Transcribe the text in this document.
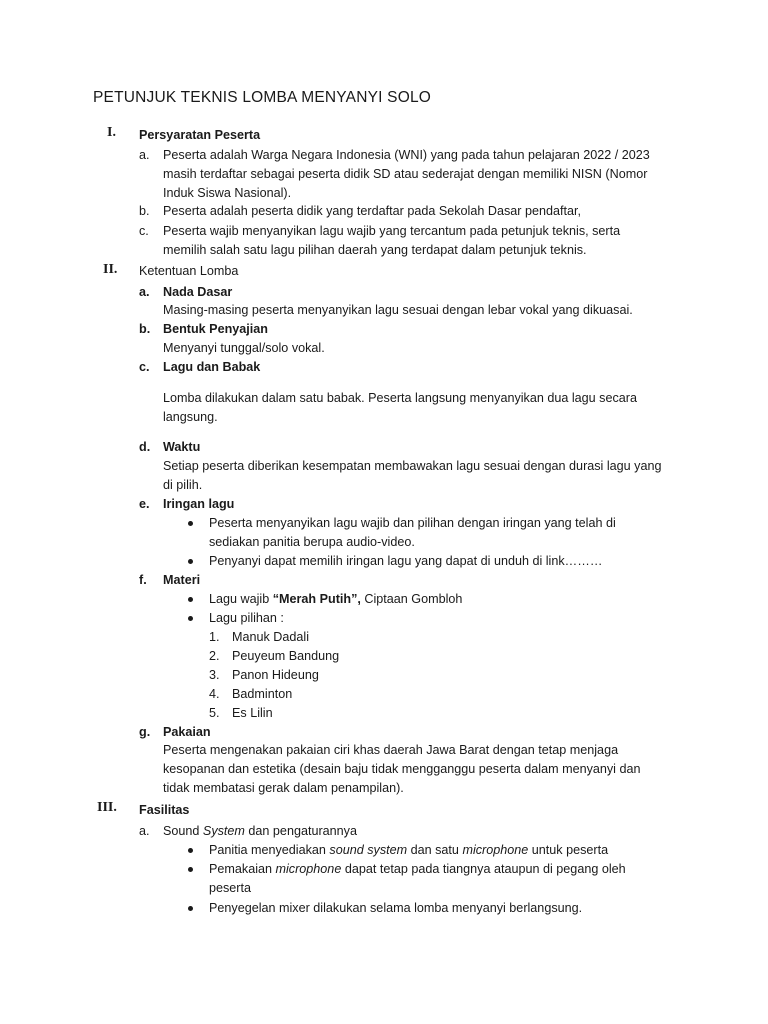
PETUNJUK TEKNIS LOMBA MENYANYI SOLO
I. Persyaratan Peserta
a. Peserta adalah Warga Negara Indonesia (WNI) yang pada tahun pelajaran 2022 / 2023
masih terdaftar sebagai peserta didik SD atau sederajat dengan memiliki NISN (Nomor
Induk Siswa Nasional).
b. Peserta adalah peserta didik yang terdaftar pada Sekolah Dasar pendaftar,
c. Peserta wajib menyanyikan lagu wajib yang tercantum pada petunjuk teknis, serta
memilih salah satu lagu pilihan daerah yang terdapat dalam petunjuk teknis.
II. Ketentuan Lomba
a. Nada Dasar
Masing-masing peserta menyanyikan lagu sesuai dengan lebar vokal yang dikuasai.
b. Bentuk Penyajian
Menyanyi tunggal/solo vokal.
c. Lagu dan Babak
Lomba dilakukan dalam satu babak. Peserta langsung menyanyikan dua lagu secara
langsung.
d. Waktu
Setiap peserta diberikan kesempatan membawakan lagu sesuai dengan durasi lagu yang
di pilih.
e. Iringan lagu
Peserta menyanyikan lagu wajib dan pilihan dengan iringan yang telah di
sediakan panitia berupa audio-video.
Penyanyi dapat memilih iringan lagu yang dapat di unduh di link………
f. Materi
Lagu wajib “Merah Putih”, Ciptaan Gombloh
Lagu pilihan :
1. Manuk Dadali
2. Peuyeum Bandung
3. Panon Hideung
4. Badminton
5. Es Lilin
g. Pakaian
Peserta mengenakan pakaian ciri khas daerah Jawa Barat dengan tetap menjaga
kesopanan dan estetika (desain baju tidak mengganggu peserta dalam menyanyi dan
tidak membatasi gerak dalam penampilan).
III. Fasilitas
a. Sound System dan pengaturannya
Panitia menyediakan sound system dan satu microphone untuk peserta
Pemakaian microphone dapat tetap pada tiangnya ataupun di pegang oleh
peserta
Penyegelan mixer dilakukan selama lomba menyanyi berlangsung.
